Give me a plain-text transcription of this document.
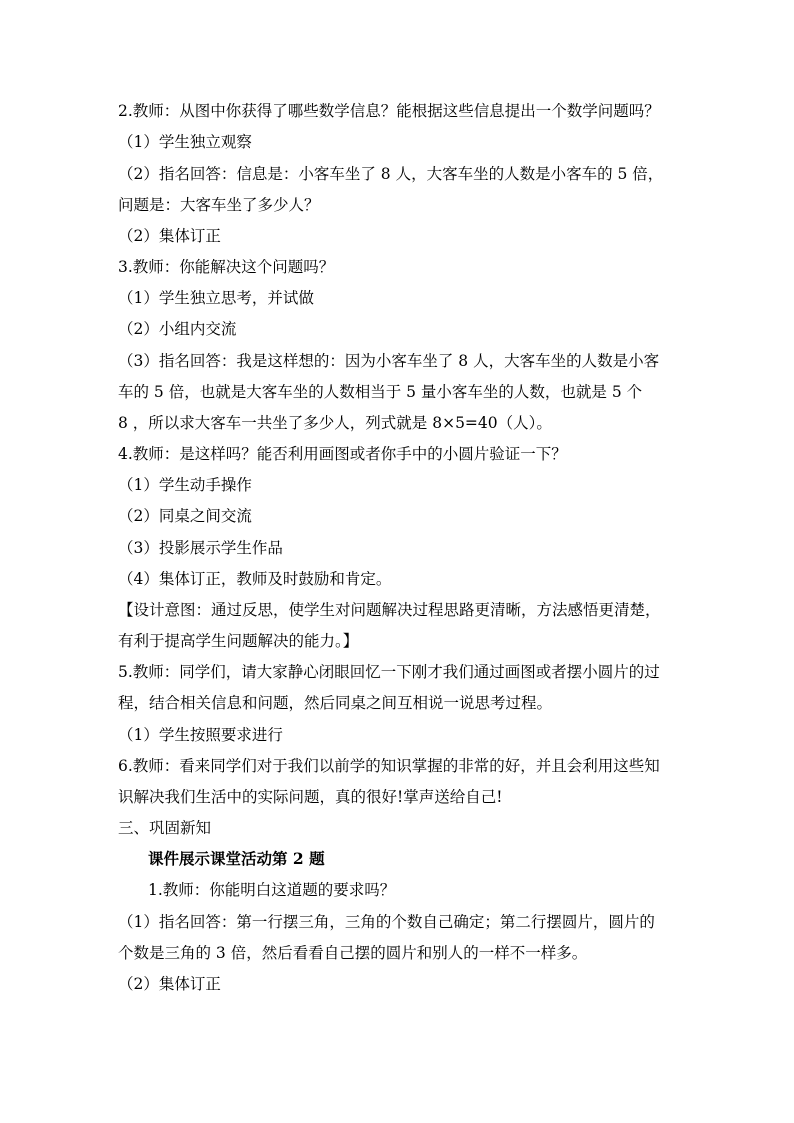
2.教师：从图中你获得了哪些数学信息？能根据这些信息提出一个数学问题吗？
（1）学生独立观察
（2）指名回答：信息是：小客车坐了 8 人，大客车坐的人数是小客车的 5 倍，
问题是：大客车坐了多少人？
（2）集体订正
3.教师：你能解决这个问题吗？
（1）学生独立思考，并试做
（2）小组内交流
（3）指名回答：我是这样想的：因为小客车坐了 8 人，大客车坐的人数是小客
车的 5 倍，也就是大客车坐的人数相当于 5 量小客车坐的人数，也就是 5 个
8 ，所以求大客车一共坐了多少人，列式就是 8×5=40（人）。
4.教师：是这样吗？能否利用画图或者你手中的小圆片验证一下？
（1）学生动手操作
（2）同桌之间交流
（3）投影展示学生作品
（4）集体订正，教师及时鼓励和肯定。
【设计意图：通过反思，使学生对问题解决过程思路更清晰，方法感悟更清楚，
有利于提高学生问题解决的能力。】
5.教师：同学们，请大家静心闭眼回忆一下刚才我们通过画图或者摆小圆片的过
程，结合相关信息和问题，然后同桌之间互相说一说思考过程。
（1）学生按照要求进行
6.教师：看来同学们对于我们以前学的知识掌握的非常的好，并且会利用这些知
识解决我们生活中的实际问题，真的很好!掌声送给自己!
三、巩固新知
课件展示课堂活动第 2 题
1.教师：你能明白这道题的要求吗？
（1）指名回答：第一行摆三角，三角的个数自己确定；第二行摆圆片，圆片的
个数是三角的 3 倍，然后看看自己摆的圆片和别人的一样不一样多。
（2）集体订正
